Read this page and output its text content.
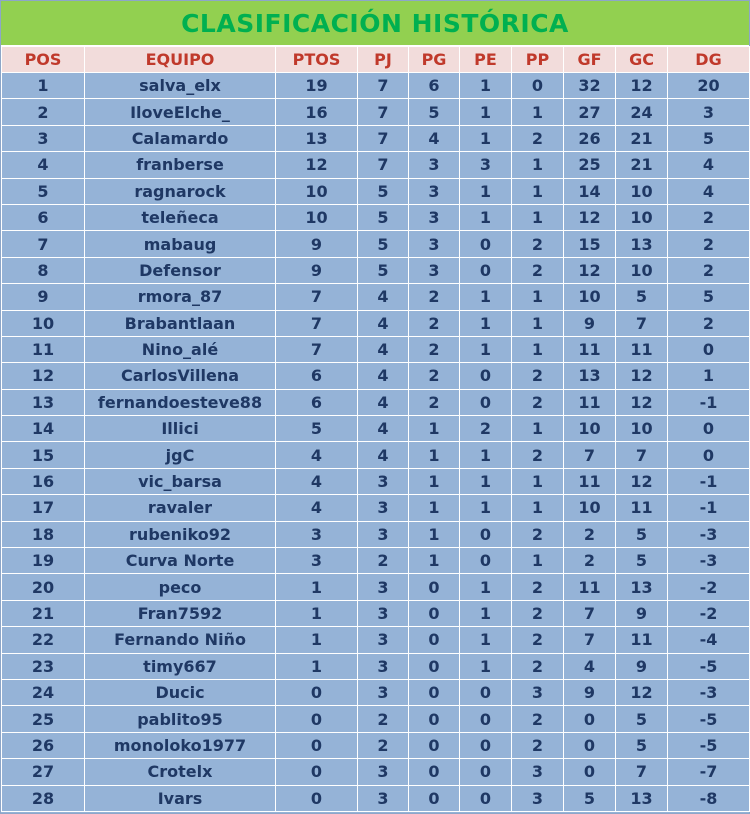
CLASIFICACIÓN HISTÓRICA
POS	EQUIPO	PTOS	PJ	PG	PE	PP	GF	GC	DG
1	salva_elx	19	7	6	1	0	32	12	20
2	IloveElche_	16	7	5	1	1	27	24	3
3	Calamardo	13	7	4	1	2	26	21	5
4	franberse	12	7	3	3	1	25	21	4
5	ragnarock	10	5	3	1	1	14	10	4
6	teleñeca	10	5	3	1	1	12	10	2
7	mabaug	9	5	3	0	2	15	13	2
8	Defensor	9	5	3	0	2	12	10	2
9	rmora_87	7	4	2	1	1	10	5	5
10	Brabantlaan	7	4	2	1	1	9	7	2
11	Nino_alé	7	4	2	1	1	11	11	0
12	CarlosVillena	6	4	2	0	2	13	12	1
13	fernandoesteve88	6	4	2	0	2	11	12	-1
14	Illici	5	4	1	2	1	10	10	0
15	jgC	4	4	1	1	2	7	7	0
16	vic_barsa	4	3	1	1	1	11	12	-1
17	ravaler	4	3	1	1	1	10	11	-1
18	rubeniko92	3	3	1	0	2	2	5	-3
19	Curva Norte	3	2	1	0	1	2	5	-3
20	peco	1	3	0	1	2	11	13	-2
21	Fran7592	1	3	0	1	2	7	9	-2
22	Fernando Niño	1	3	0	1	2	7	11	-4
23	timy667	1	3	0	1	2	4	9	-5
24	Ducic	0	3	0	0	3	9	12	-3
25	pablito95	0	2	0	0	2	0	5	-5
26	monoloko1977	0	2	0	0	2	0	5	-5
27	Crotelx	0	3	0	0	3	0	7	-7
28	Ivars	0	3	0	0	3	5	13	-8
